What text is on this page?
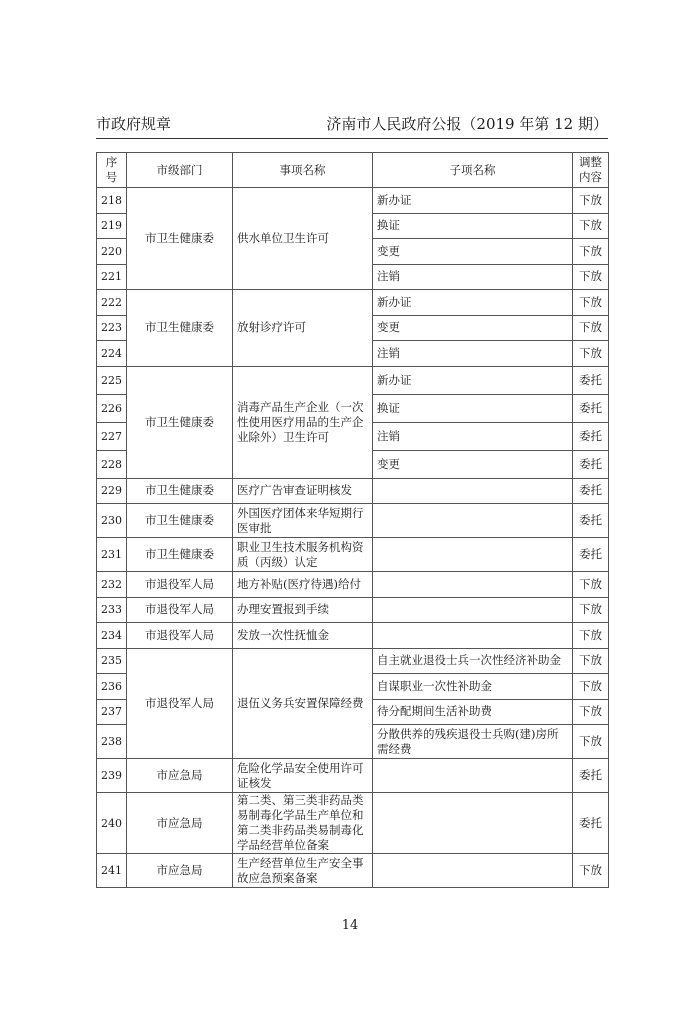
市政府规章	济南市人民政府公报（2019 年第 12 期）
序号	市级部门	事项名称	子项名称	调整内容
218	市卫生健康委	供水单位卫生许可	新办证	下放
219			换证	下放
220			变更	下放
221			注销	下放
222	市卫生健康委	放射诊疗许可	新办证	下放
223			变更	下放
224			注销	下放
225	市卫生健康委	消毒产品生产企业（一次性使用医疗用品的生产企业除外）卫生许可	新办证	委托
226			换证	委托
227			注销	委托
228			变更	委托
229	市卫生健康委	医疗广告审查证明核发		委托
230	市卫生健康委	外国医疗团体来华短期行医审批		委托
231	市卫生健康委	职业卫生技术服务机构资质（丙级）认定		委托
232	市退役军人局	地方补贴(医疗待遇)给付		下放
233	市退役军人局	办理安置报到手续		下放
234	市退役军人局	发放一次性抚恤金		下放
235	市退役军人局	退伍义务兵安置保障经费	自主就业退役士兵一次性经济补助金	下放
236			自谋职业一次性补助金	下放
237			待分配期间生活补助费	下放
238			分散供养的残疾退役士兵购(建)房所需经费	下放
239	市应急局	危险化学品安全使用许可证核发		委托
240	市应急局	第二类、第三类非药品类易制毒化学品生产单位和第二类非药品类易制毒化学品经营单位备案		委托
241	市应急局	生产经营单位生产安全事故应急预案备案		下放
14
